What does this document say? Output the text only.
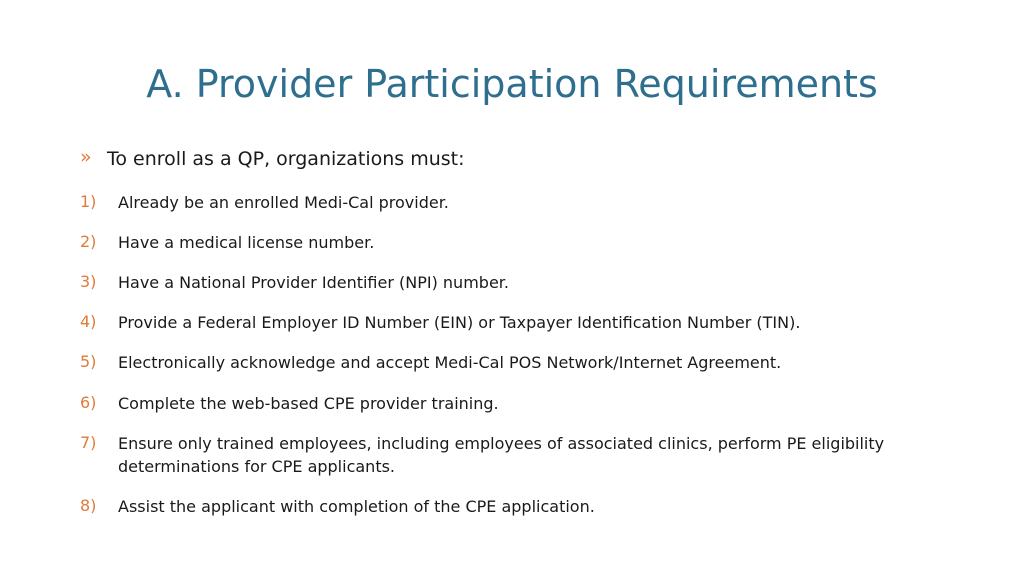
A. Provider Participation Requirements
» To enroll as a QP, organizations must:
1)	Already be an enrolled Medi-Cal provider.
2)	Have a medical license number.
3)	Have a National Provider Identifier (NPI) number.
4)	Provide a Federal Employer ID Number (EIN) or Taxpayer Identification Number (TIN).
5)	Electronically acknowledge and accept Medi-Cal POS Network/Internet Agreement.
6)	Complete the web-based CPE provider training.
7)	Ensure only trained employees, including employees of associated clinics, perform PE eligibility determinations for CPE applicants.
8)	Assist the applicant with completion of the CPE application.
